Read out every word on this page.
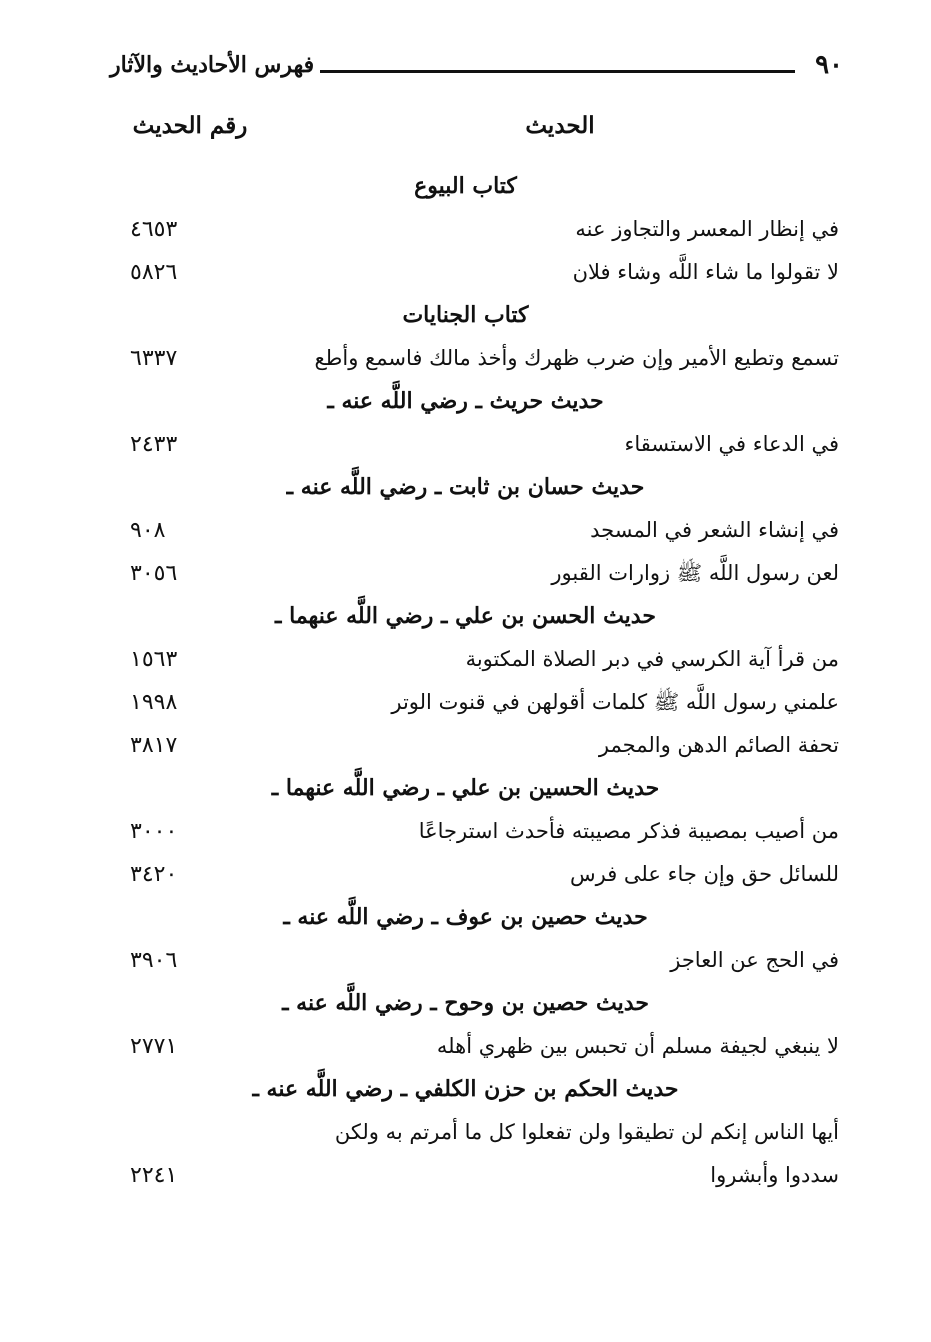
٩٠
فهرس الأحاديث والآثار
الحديث
رقم الحديث
كتاب البيوع
في إنظار المعسر والتجاوز عنه
٤٦٥٣
لا تقولوا ما شاء اللَّه وشاء فلان
٥٨٢٦
كتاب الجنايات
تسمع وتطيع الأمير وإن ضرب ظهرك وأخذ مالك فاسمع وأطع
٦٣٣٧
حديث حريث ـ رضي اللَّه عنه ـ
في الدعاء في الاستسقاء
٢٤٣٣
حديث حسان بن ثابت ـ رضي اللَّه عنه ـ
في إنشاء الشعر في المسجد
٩٠٨
لعن رسول اللَّه ﷺ زوارات القبور
٣٠٥٦
حديث الحسن بن علي ـ رضي اللَّه عنهما ـ
من قرأ آية الكرسي في دبر الصلاة المكتوبة
١٥٦٣
علمني رسول اللَّه ﷺ كلمات أقولهن في قنوت الوتر
١٩٩٨
تحفة الصائم الدهن والمجمر
٣٨١٧
حديث الحسين بن علي ـ رضي اللَّه عنهما ـ
من أصيب بمصيبة فذكر مصيبته فأحدث استرجاعًا
٣٠٠٠
للسائل حق وإن جاء على فرس
٣٤٢٠
حديث حصين بن عوف ـ رضي اللَّه عنه ـ
في الحج عن العاجز
٣٩٠٦
حديث حصين بن وحوح ـ رضي اللَّه عنه ـ
لا ينبغي لجيفة مسلم أن تحبس بين ظهري أهله
٢٧٧١
حديث الحكم بن حزن الكلفي ـ رضي اللَّه عنه ـ
أيها الناس إنكم لن تطيقوا ولن تفعلوا كل ما أمرتم به ولكن
سددوا وأبشروا
٢٢٤١
